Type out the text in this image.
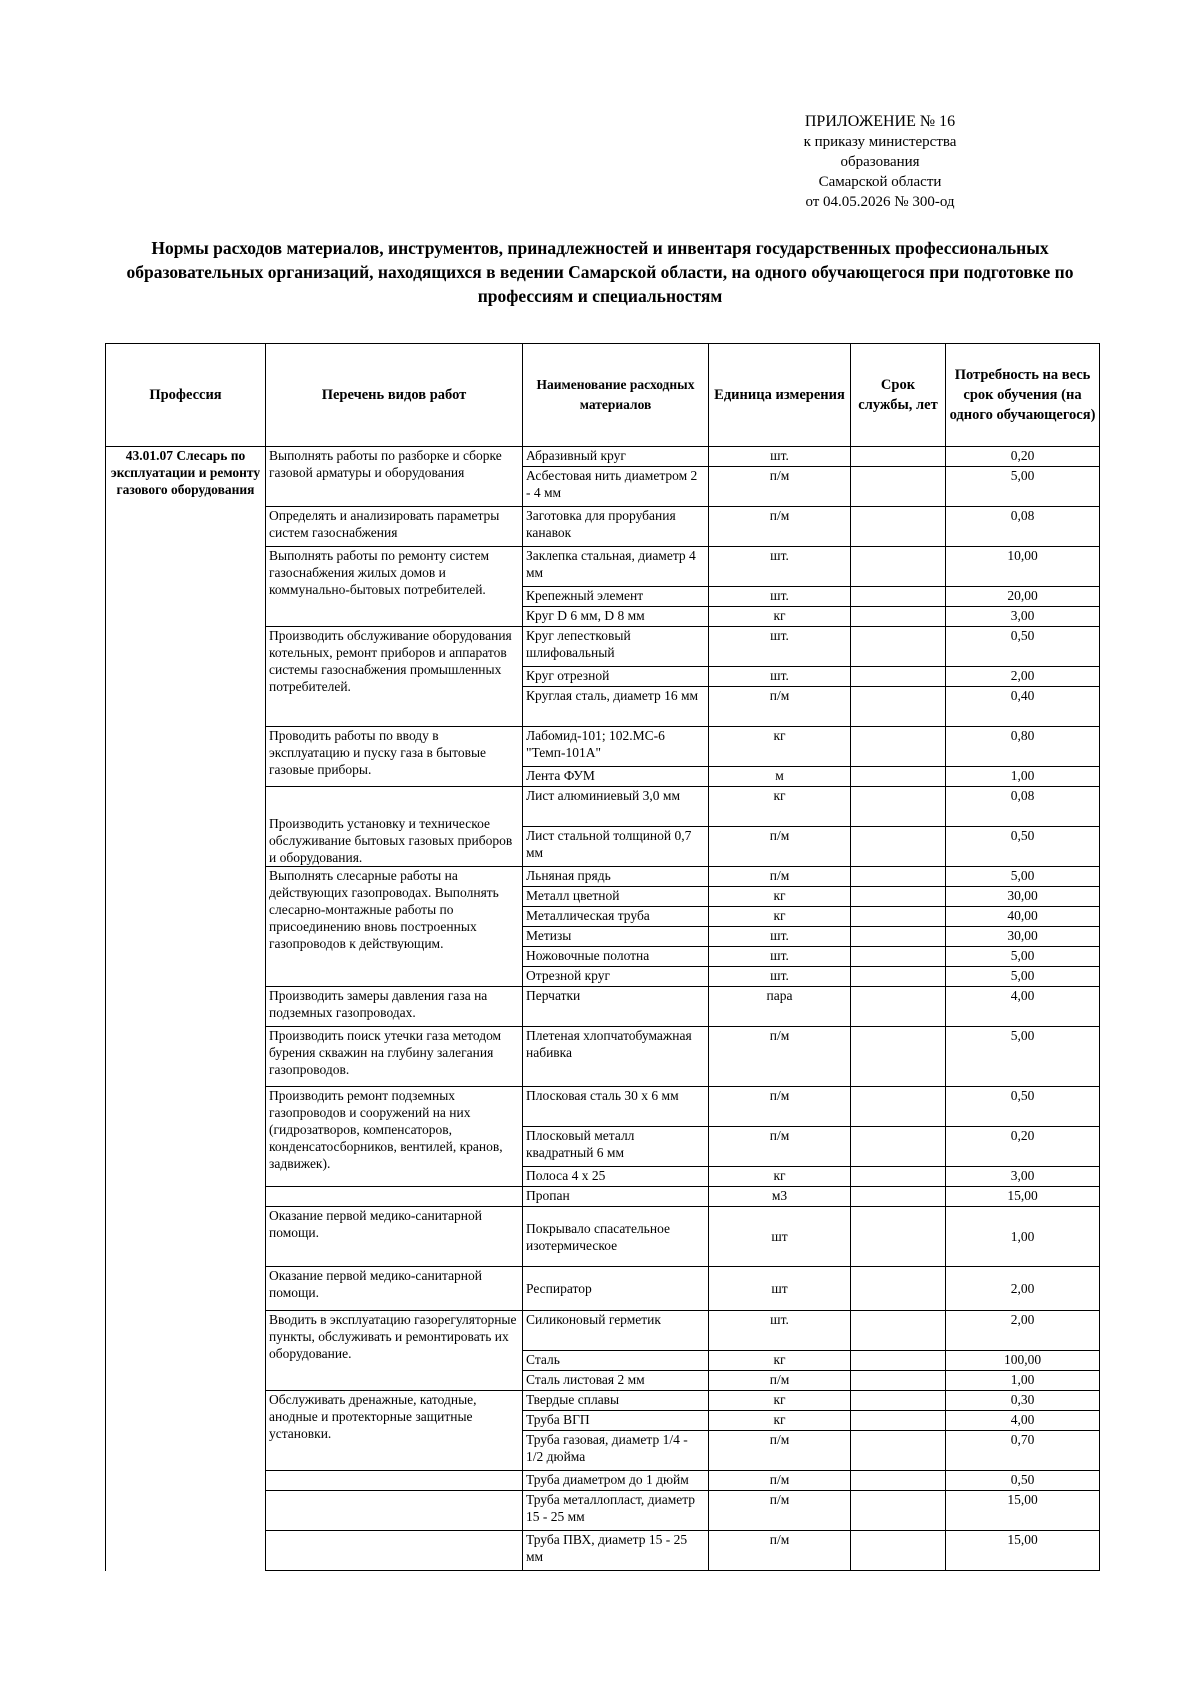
ПРИЛОЖЕНИЕ № 16
к приказу министерства
образования
Самарской области
от 04.05.2026 № 300-од
Нормы расходов материалов, инструментов, принадлежностей и инвентаря государственных профессиональных образовательных организаций, находящихся в ведении Самарской области, на одного обучающегося при подготовке по профессиям и специальностям
Профессия	Перечень видов работ	Наименование расходных материалов	Единица измерения	Срок службы, лет	Потребность на весь срок обучения (на одного обучающегося)
43.01.07 Слесарь по эксплуатации и ремонту газового оборудования	Выполнять работы по разборке и сборке газовой арматуры и оборудования	Абразивный круг	шт.		0,20
		Асбестовая нить диаметром 2 - 4 мм	п/м		5,00
	Определять и анализировать параметры систем газоснабжения	Заготовка для прорубания канавок	п/м		0,08
	Выполнять работы по ремонту систем газоснабжения жилых домов и коммунально-бытовых потребителей.	Заклепка стальная, диаметр 4 мм	шт.		10,00
		Крепежный элемент	шт.		20,00
		Круг D 6 мм, D 8 мм	кг		3,00
	Производить обслуживание оборудования котельных, ремонт приборов и аппаратов системы газоснабжения промышленных потребителей.	Круг лепестковый шлифовальный	шт.		0,50
		Круг отрезной	шт.		2,00
		Круглая сталь, диаметр 16 мм	п/м		0,40
	Проводить работы по вводу в эксплуатацию и пуску газа в бытовые газовые приборы.	Лабомид-101; 102.МС-6 "Темп-101А"	кг		0,80
		Лента ФУМ	м		1,00
	Производить установку и техническое обслуживание бытовых газовых приборов и оборудования.	Лист алюминиевый 3,0 мм	кг		0,08
		Лист стальной толщиной 0,7 мм	п/м		0,50
	Выполнять слесарные работы на действующих газопроводах. Выполнять слесарно-монтажные работы по присоединению вновь построенных газопроводов к действующим.	Льняная прядь	п/м		5,00
		Металл цветной	кг		30,00
		Металлическая труба	кг		40,00
		Метизы	шт.		30,00
		Ножовочные полотна	шт.		5,00
		Отрезной круг	шт.		5,00
	Производить замеры давления газа на подземных газопроводах.	Перчатки	пара		4,00
	Производить поиск утечки газа методом бурения скважин на глубину залегания газопроводов.	Плетеная хлопчатобумажная набивка	п/м		5,00
	Производить ремонт подземных газопроводов и сооружений на них (гидрозатворов, компенсаторов, конденсатосборников, вентилей, кранов, задвижек).	Плосковая сталь 30 х 6 мм	п/м		0,50
		Плосковый металл квадратный 6 мм	п/м		0,20
		Полоса 4 х 25	кг		3,00
		Пропан	м3		15,00
	Оказание первой медико-санитарной помощи.	Покрывало спасательное изотермическое	шт		1,00
	Оказание первой медико-санитарной помощи.	Респиратор	шт		2,00
	Вводить в эксплуатацию газорегуляторные пункты, обслуживать и ремонтировать их оборудование.	Силиконовый герметик	шт.		2,00
		Сталь	кг		100,00
		Сталь листовая 2 мм	п/м		1,00
	Обслуживать дренажные, катодные, анодные и протекторные защитные установки.	Твердые сплавы	кг		0,30
		Труба ВГП	кг		4,00
		Труба газовая, диаметр 1/4 - 1/2 дюйма	п/м		0,70
		Труба диаметром до 1 дюйм	п/м		0,50
		Труба металлопласт, диаметр 15 - 25 мм	п/м		15,00
		Труба ПВХ, диаметр 15 - 25 мм	п/м		15,00
